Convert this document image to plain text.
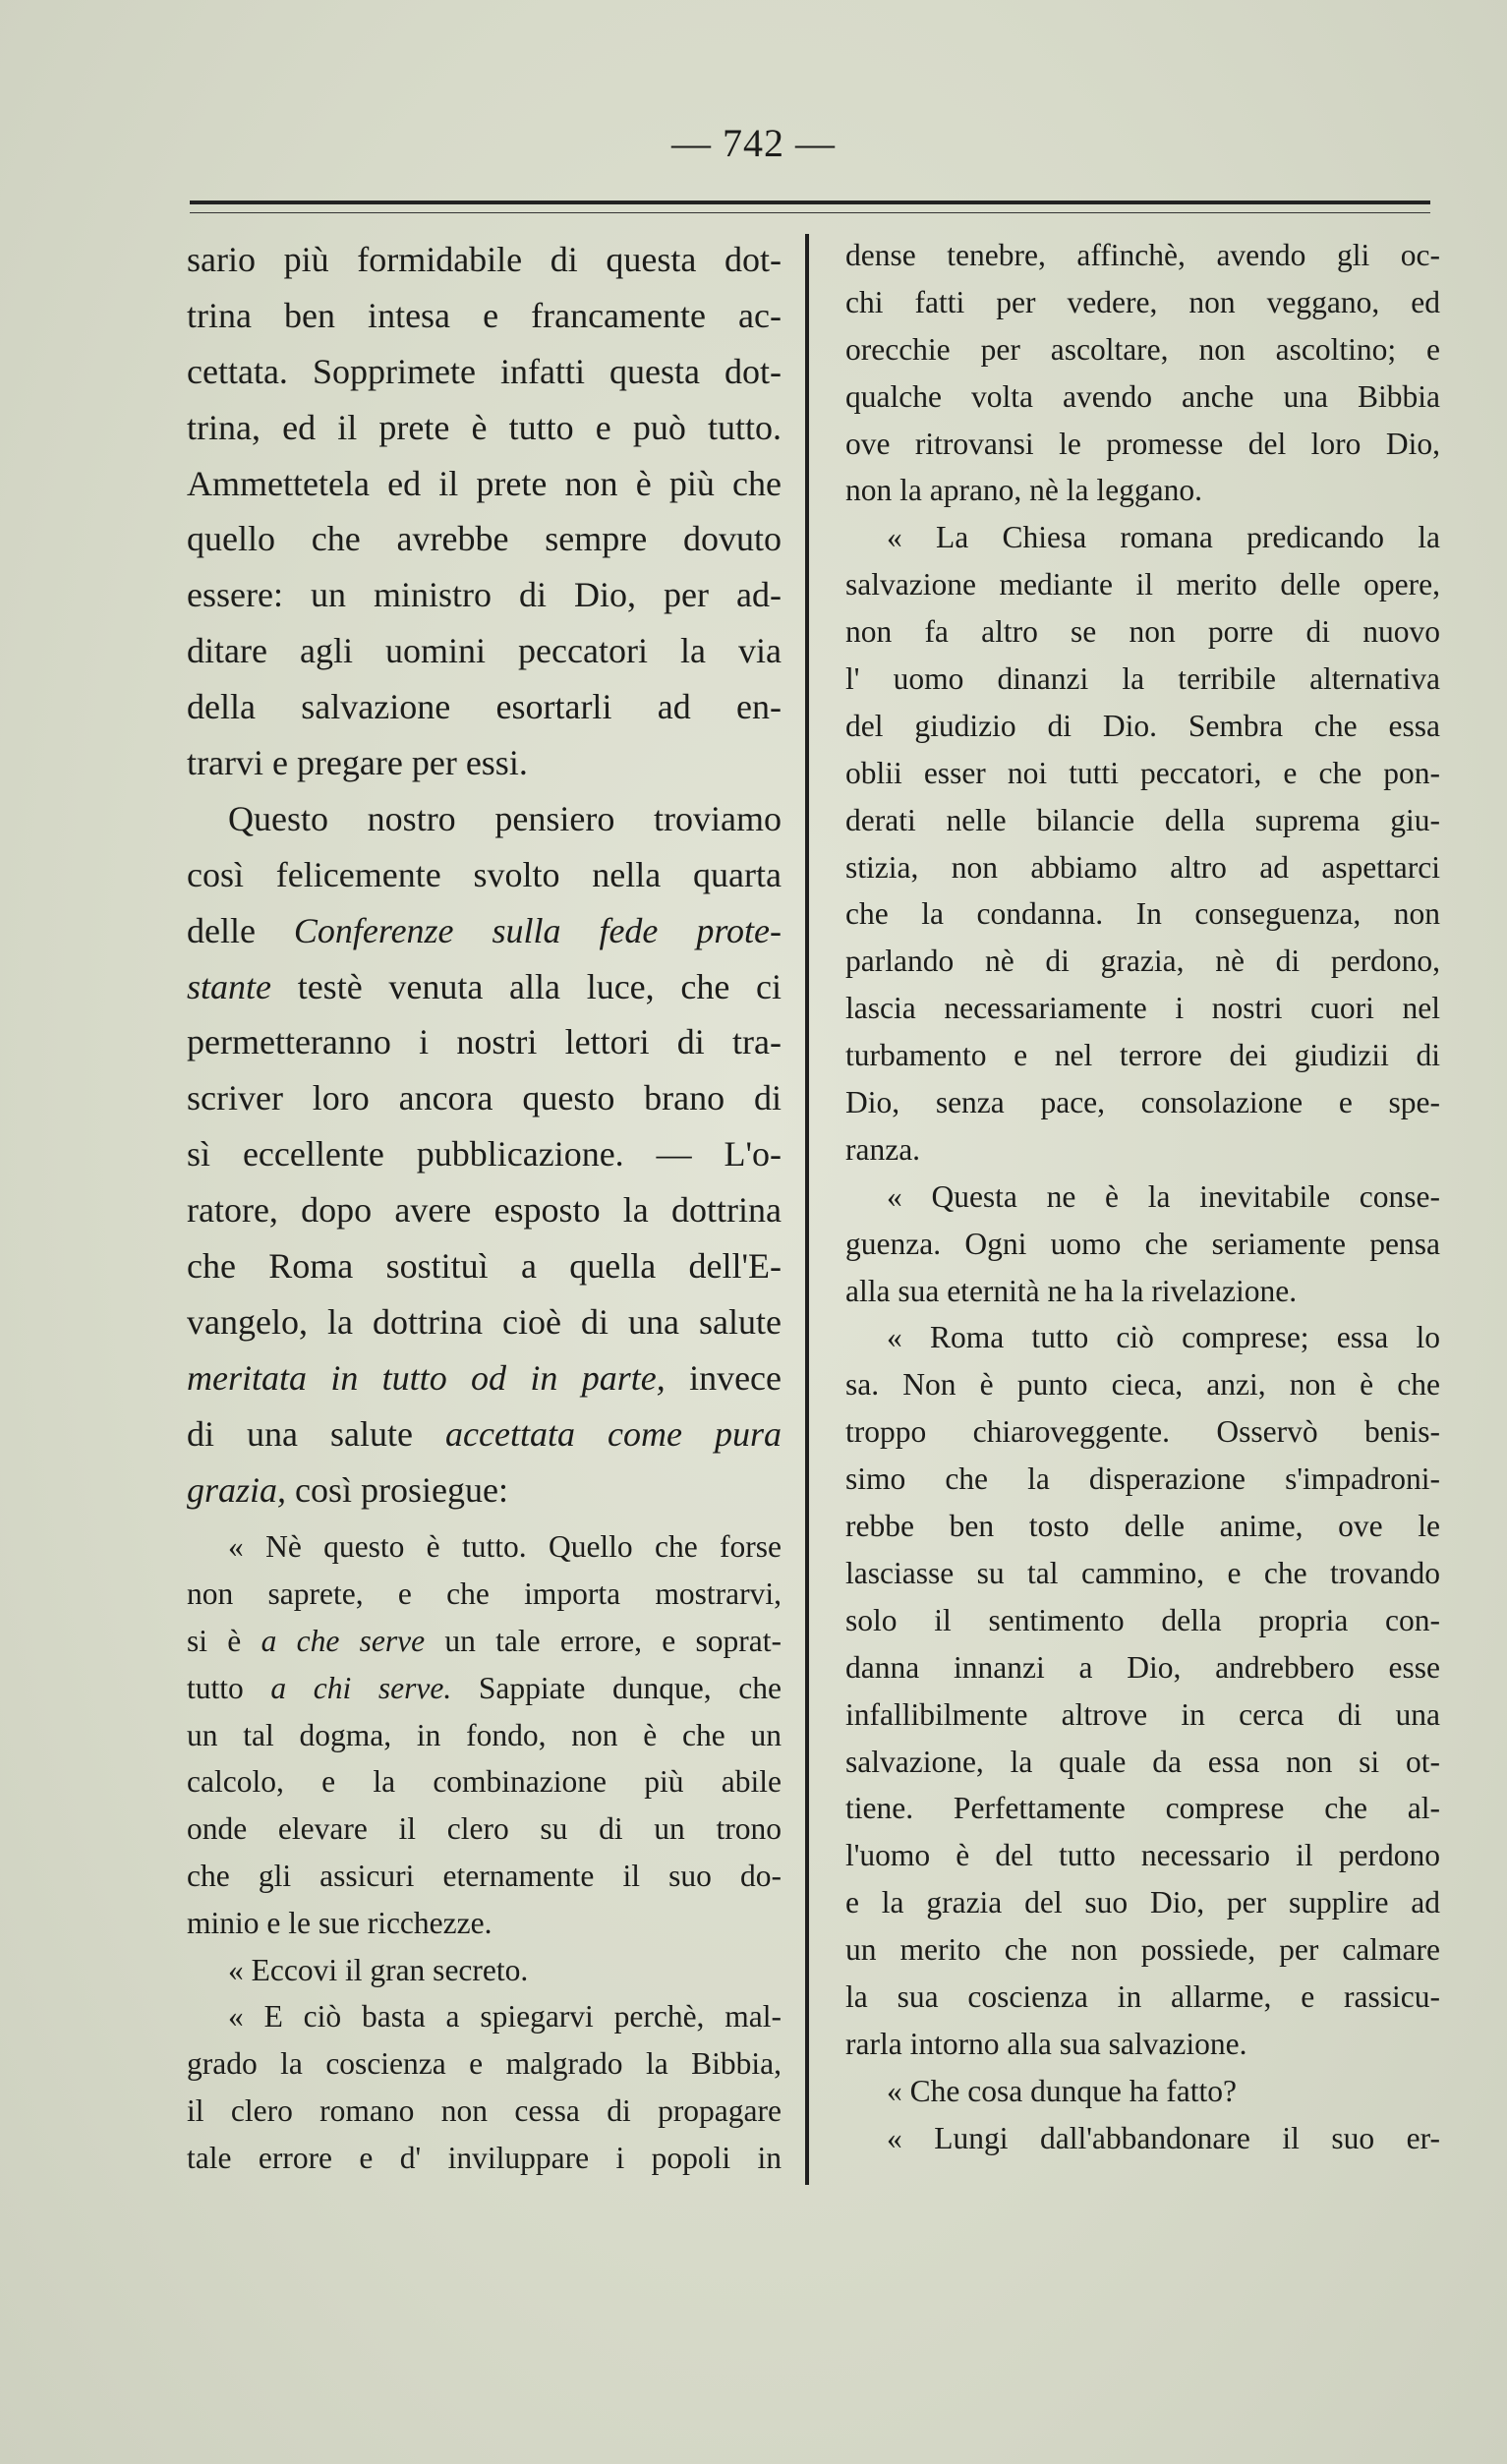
— 742 —
sario più formidabile di questa dot-
trina ben intesa e francamente ac-
cettata. Sopprimete infatti questa dot-
trina, ed il prete è tutto e può tutto.
Ammettetela ed il prete non è più che
quello che avrebbe sempre dovuto
essere: un ministro di Dio, per ad-
ditare agli uomini peccatori la via
della salvazione esortarli ad en-
trarvi e pregare per essi.
Questo nostro pensiero troviamo
così felicemente svolto nella quarta
delle Conferenze sulla fede prote-
stante testè venuta alla luce, che ci
permetteranno i nostri lettori di tra-
scriver loro ancora questo brano di
sì eccellente pubblicazione. — L'o-
ratore, dopo avere esposto la dottrina
che Roma sostituì a quella dell'E-
vangelo, la dottrina cioè di una salute
meritata in tutto od in parte, invece
di una salute accettata come pura
grazia, così prosiegue:
« Nè questo è tutto. Quello che forse
non saprete, e che importa mostrarvi,
si è a che serve un tale errore, e soprat-
tutto a chi serve. Sappiate dunque, che
un tal dogma, in fondo, non è che un
calcolo, e la combinazione più abile
onde elevare il clero su di un trono
che gli assicuri eternamente il suo do-
minio e le sue ricchezze.
« Eccovi il gran secreto.
« E ciò basta a spiegarvi perchè, mal-
grado la coscienza e malgrado la Bibbia,
il clero romano non cessa di propagare
tale errore e d' inviluppare i popoli in
dense tenebre, affinchè, avendo gli oc-
chi fatti per vedere, non veggano, ed
orecchie per ascoltare, non ascoltino; e
qualche volta avendo anche una Bibbia
ove ritrovansi le promesse del loro Dio,
non la aprano, nè la leggano.
« La Chiesa romana predicando la
salvazione mediante il merito delle opere,
non fa altro se non porre di nuovo
l' uomo dinanzi la terribile alternativa
del giudizio di Dio. Sembra che essa
oblii esser noi tutti peccatori, e che pon-
derati nelle bilancie della suprema giu-
stizia, non abbiamo altro ad aspettarci
che la condanna. In conseguenza, non
parlando nè di grazia, nè di perdono,
lascia necessariamente i nostri cuori nel
turbamento e nel terrore dei giudizii di
Dio, senza pace, consolazione e spe-
ranza.
« Questa ne è la inevitabile conse-
guenza. Ogni uomo che seriamente pensa
alla sua eternità ne ha la rivelazione.
« Roma tutto ciò comprese; essa lo
sa. Non è punto cieca, anzi, non è che
troppo chiaroveggente. Osservò benis-
simo che la disperazione s'impadroni-
rebbe ben tosto delle anime, ove le
lasciasse su tal cammino, e che trovando
solo il sentimento della propria con-
danna innanzi a Dio, andrebbero esse
infallibilmente altrove in cerca di una
salvazione, la quale da essa non si ot-
tiene. Perfettamente comprese che al-
l'uomo è del tutto necessario il perdono
e la grazia del suo Dio, per supplire ad
un merito che non possiede, per calmare
la sua coscienza in allarme, e rassicu-
rarla intorno alla sua salvazione.
« Che cosa dunque ha fatto?
« Lungi dall'abbandonare il suo er-
